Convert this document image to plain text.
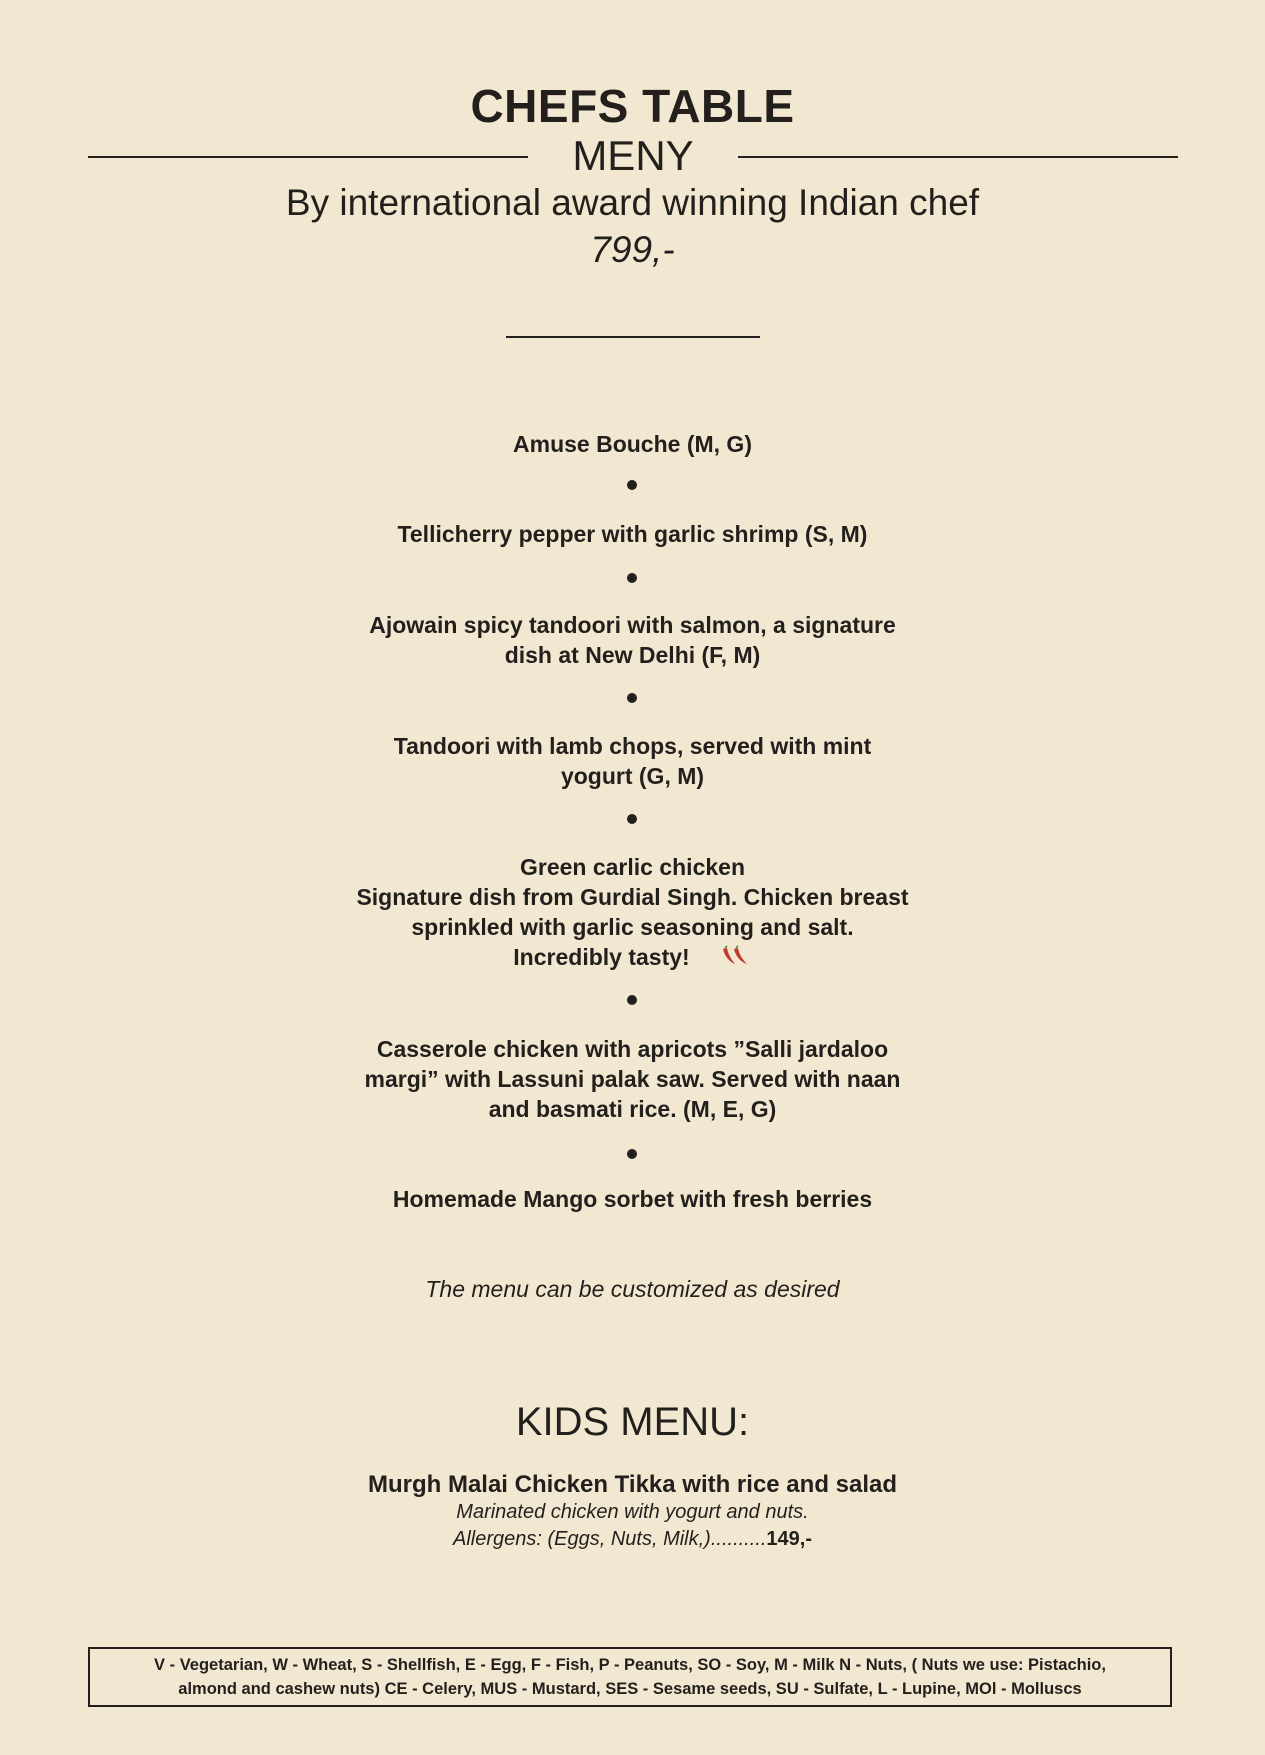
CHEFS TABLE
MENY
By international award winning Indian chef
799,-
Amuse Bouche (M, G)
Tellicherry pepper with garlic shrimp (S, M)
Ajowain spicy tandoori with salmon, a signature
dish at New Delhi (F, M)
Tandoori with lamb chops, served with mint
yogurt (G, M)
Green carlic chicken
Signature dish from Gurdial Singh. Chicken breast
sprinkled with garlic seasoning and salt.
Incredibly tasty!
Casserole chicken with apricots ”Salli jardaloo
margi” with Lassuni palak saw. Served with naan
and basmati rice. (M, E, G)
Homemade Mango sorbet with fresh berries
The menu can be customized as desired
KIDS MENU:
Murgh Malai Chicken Tikka with rice and salad
Marinated chicken with yogurt and nuts.
Allergens: (Eggs, Nuts, Milk,)..........149,-
V - Vegetarian, W - Wheat, S - Shellfish, E - Egg, F - Fish, P - Peanuts, SO - Soy, M - Milk N - Nuts, ( Nuts we use: Pistachio,
almond and cashew nuts) CE - Celery, MUS - Mustard, SES - Sesame seeds, SU - Sulfate, L - Lupine, MOl - Molluscs
